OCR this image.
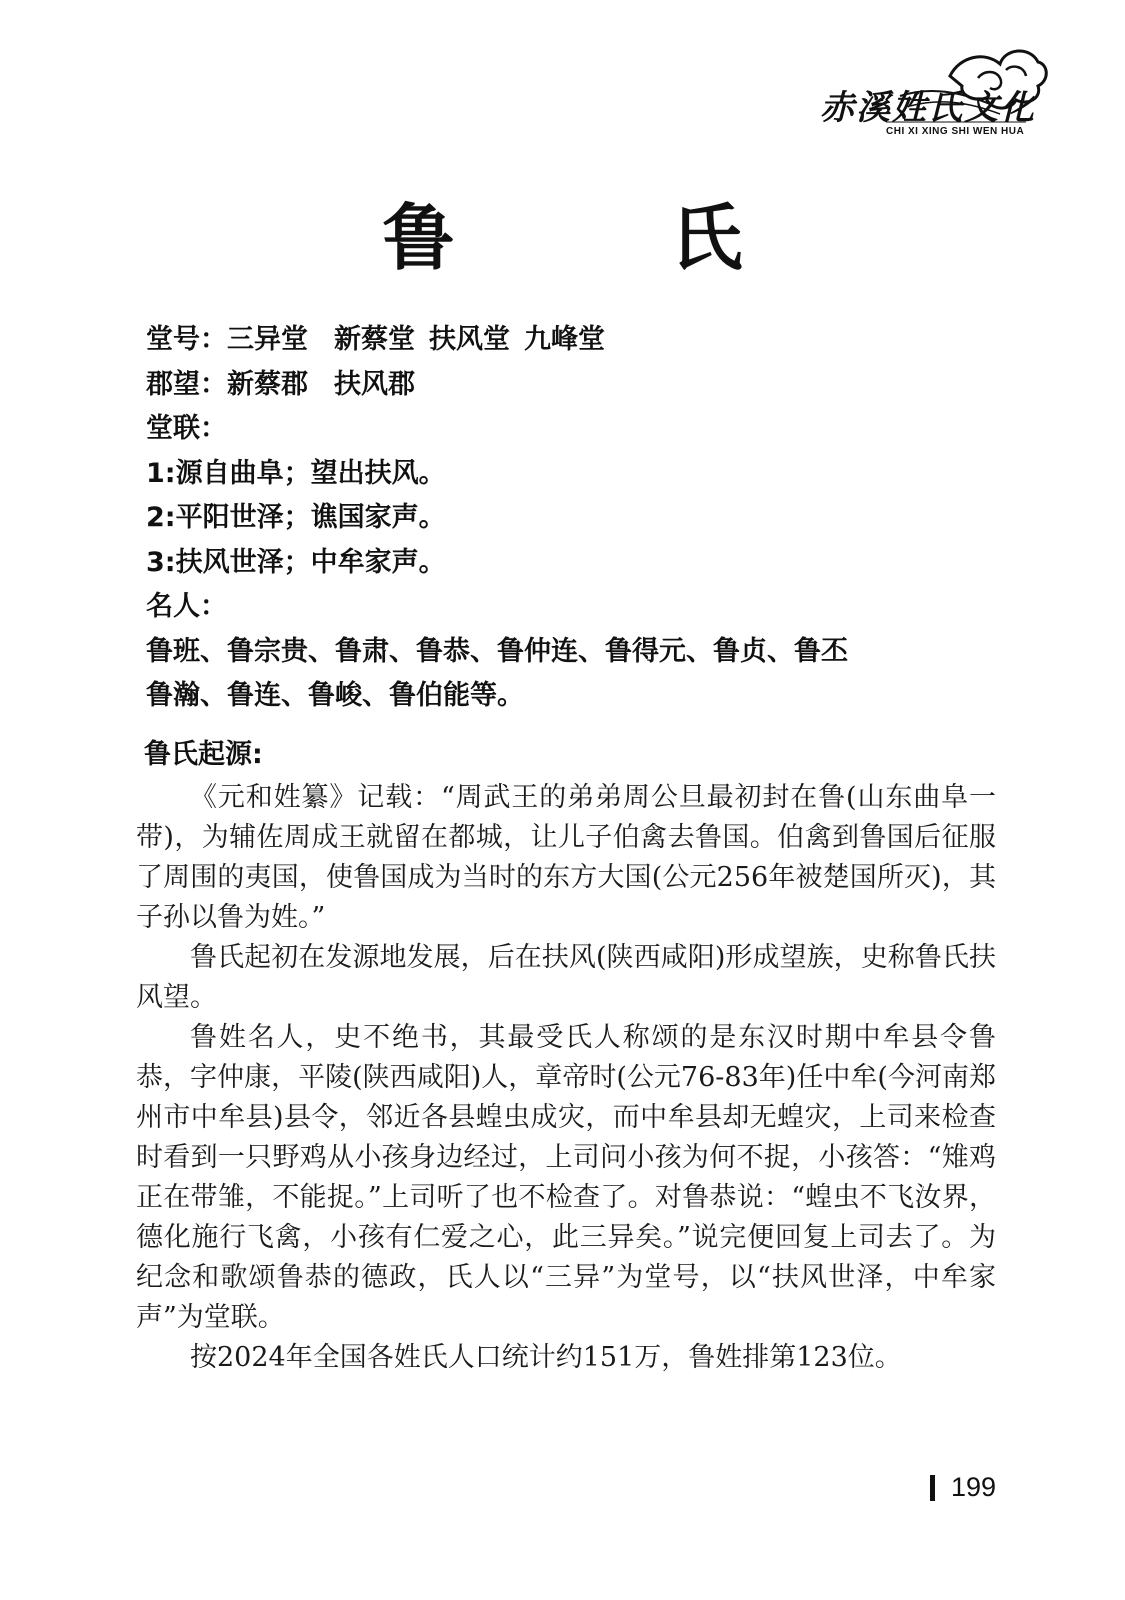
赤溪姓氏文化
CHI XI XING SHI WEN HUA
鲁　氏
堂号：三异堂 新蔡堂 扶风堂 九峰堂
郡望：新蔡郡 扶风郡
堂联：
1:源自曲阜；望出扶风。
2:平阳世泽；谯国家声。
3:扶风世泽；中牟家声。
名人：
鲁班、鲁宗贵、鲁肃、鲁恭、鲁仲连、鲁得元、鲁贞、鲁丕
鲁瀚、鲁连、鲁峻、鲁伯能等。
鲁氏起源:

《元和姓纂》记载：“周武王的弟弟周公旦最初封在鲁(山东曲阜一带)，为辅佐周成王就留在都城，让儿子伯禽去鲁国。伯禽到鲁国后征服了周围的夷国，使鲁国成为当时的东方大国(公元256年被楚国所灭)，其子孙以鲁为姓。”

鲁氏起初在发源地发展，后在扶风(陕西咸阳)形成望族，史称鲁氏扶风望。

鲁姓名人，史不绝书，其最受氏人称颂的是东汉时期中牟县令鲁恭，字仲康，平陵(陕西咸阳)人，章帝时(公元76-83年)任中牟(今河南郑州市中牟县)县令，邻近各县蝗虫成灾，而中牟县却无蝗灾，上司来检查时看到一只野鸡从小孩身边经过，上司问小孩为何不捉，小孩答：“雉鸡正在带雏，不能捉。”上司听了也不检查了。对鲁恭说：“蝗虫不飞汝界，德化施行飞禽，小孩有仁爱之心，此三异矣。”说完便回复上司去了。为纪念和歌颂鲁恭的德政，氏人以“三异”为堂号，以“扶风世泽，中牟家声”为堂联。

按2024年全国各姓氏人口统计约151万，鲁姓排第123位。

199
